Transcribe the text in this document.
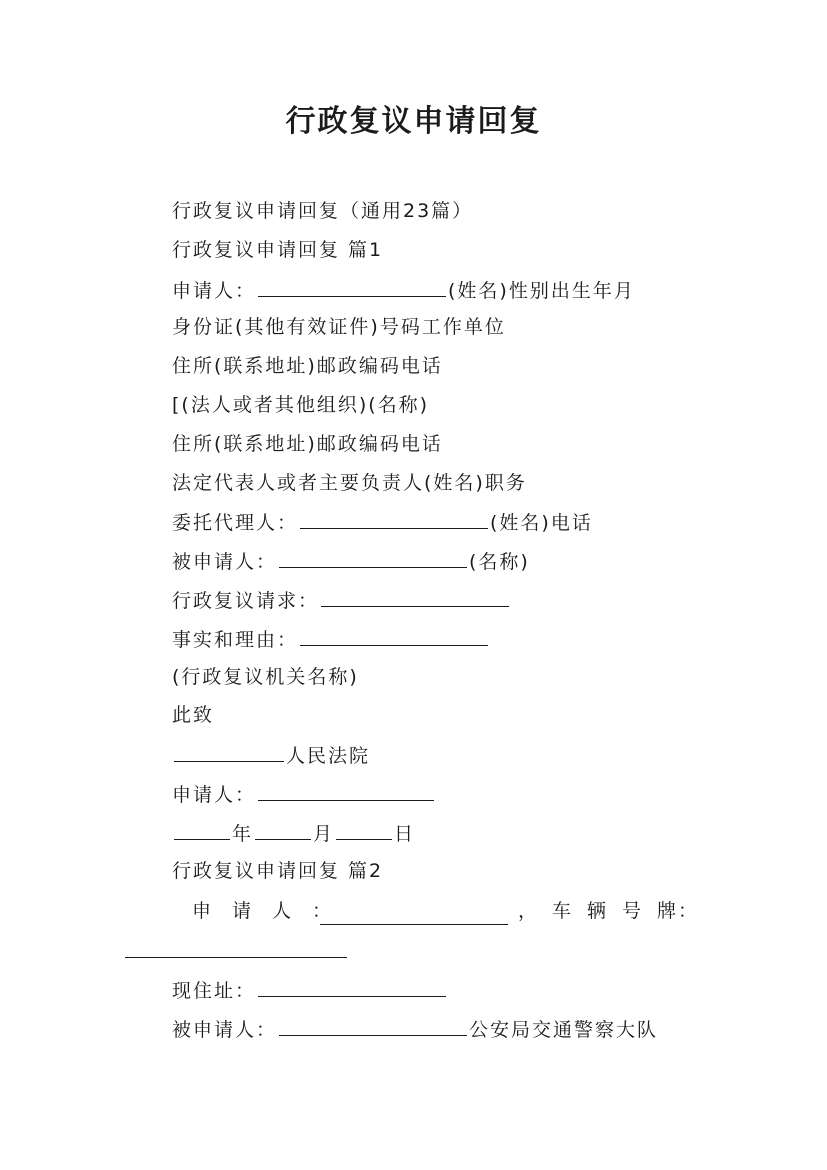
行政复议申请回复
行政复议申请回复（通用23篇）
行政复议申请回复 篇1
申请人：	(姓名)性别出生年月
身份证(其他有效证件)号码工作单位
住所(联系地址)邮政编码电话
[(法人或者其他组织)(名称)
住所(联系地址)邮政编码电话
法定代表人或者主要负责人(姓名)职务
委托代理人：	(姓名)电话
被申请人：	(名称)
行政复议请求：
事实和理由：
(行政复议机关名称)
此致
人民法院
申请人：
年	月	日
行政复议申请回复 篇2
申 请 人 ：	， 车 辆 号 牌 ：
现住址：
被申请人：	公安局交通警察大队
